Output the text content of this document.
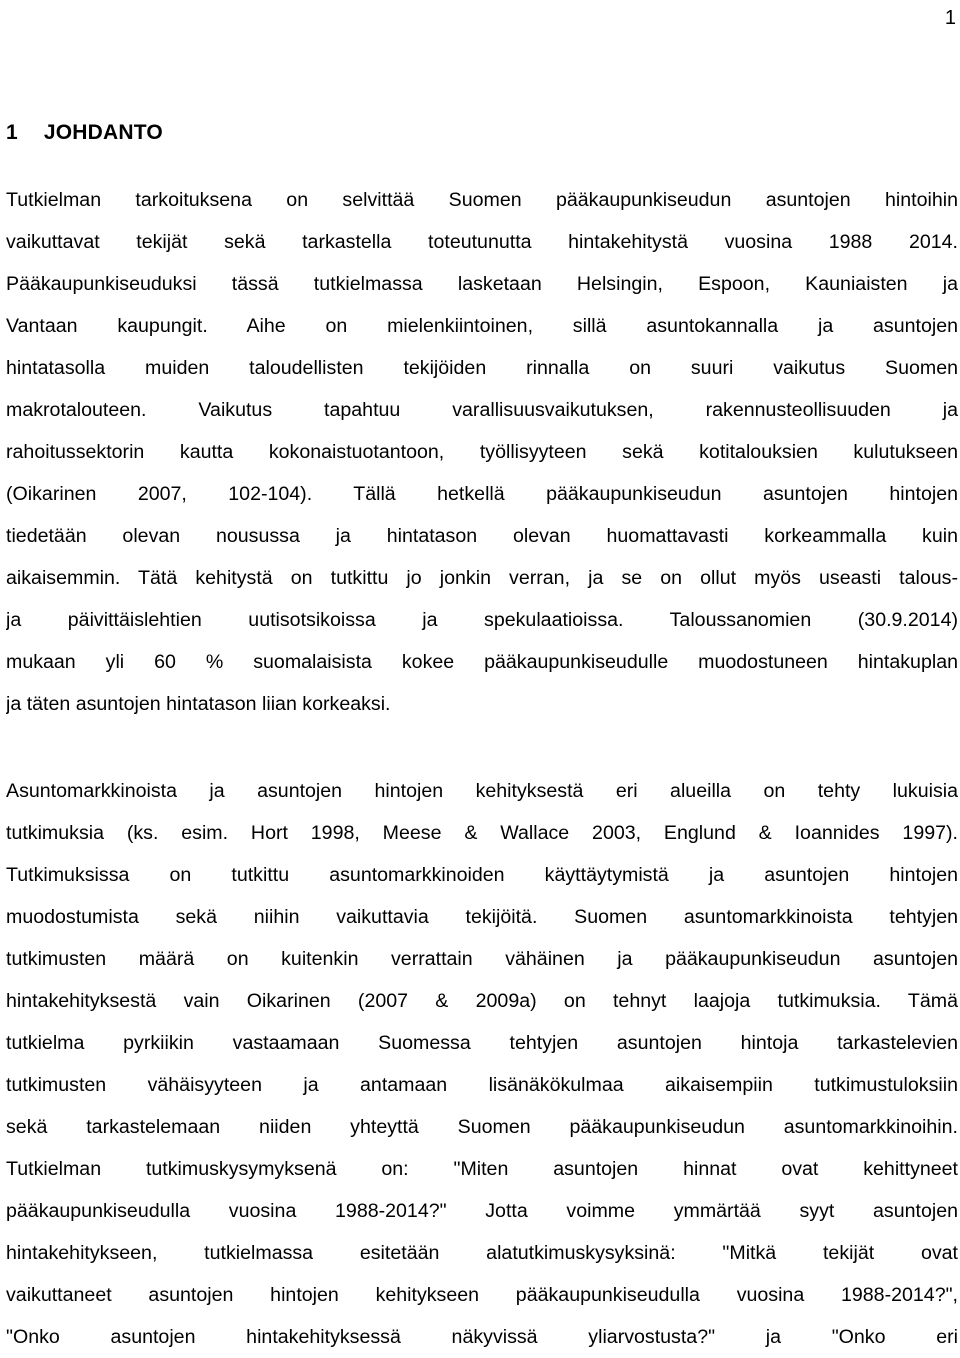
1
1 JOHDANTO
Tutkielman tarkoituksena on selvittää Suomen pääkaupunkiseudun asuntojen hintoihin
vaikuttavat tekijät sekä tarkastella toteutunutta hintakehitystä vuosina 1988 2014.
Pääkaupunkiseuduksi tässä tutkielmassa lasketaan Helsingin, Espoon, Kauniaisten ja
Vantaan kaupungit. Aihe on mielenkiintoinen, sillä asuntokannalla ja asuntojen
hintatasolla muiden taloudellisten tekijöiden rinnalla on suuri vaikutus Suomen
makrotalouteen. Vaikutus tapahtuu varallisuusvaikutuksen, rakennusteollisuuden ja
rahoitussektorin kautta kokonaistuotantoon, työllisyyteen sekä kotitalouksien kulutukseen
(Oikarinen 2007, 102-104). Tällä hetkellä pääkaupunkiseudun asuntojen hintojen
tiedetään olevan nousussa ja hintatason olevan huomattavasti korkeammalla kuin
aikaisemmin. Tätä kehitystä on tutkittu jo jonkin verran, ja se on ollut myös useasti talous-
ja päivittäislehtien uutisotsikoissa ja spekulaatioissa. Taloussanomien (30.9.2014)
mukaan yli 60 % suomalaisista kokee pääkaupunkiseudulle muodostuneen hintakuplan
ja täten asuntojen hintatason liian korkeaksi.
Asuntomarkkinoista ja asuntojen hintojen kehityksestä eri alueilla on tehty lukuisia
tutkimuksia (ks. esim. Hort 1998, Meese & Wallace 2003, Englund & Ioannides 1997).
Tutkimuksissa on tutkittu asuntomarkkinoiden käyttäytymistä ja asuntojen hintojen
muodostumista sekä niihin vaikuttavia tekijöitä. Suomen asuntomarkkinoista tehtyjen
tutkimusten määrä on kuitenkin verrattain vähäinen ja pääkaupunkiseudun asuntojen
hintakehityksestä vain Oikarinen (2007 & 2009a) on tehnyt laajoja tutkimuksia. Tämä
tutkielma pyrkiikin vastaamaan Suomessa tehtyjen asuntojen hintoja tarkastelevien
tutkimusten vähäisyyteen ja antamaan lisänäkökulmaa aikaisempiin tutkimustuloksiin
sekä tarkastelemaan niiden yhteyttä Suomen pääkaupunkiseudun asuntomarkkinoihin.
Tutkielman tutkimuskysymyksenä on: "Miten asuntojen hinnat ovat kehittyneet
pääkaupunkiseudulla vuosina 1988-2014?" Jotta voimme ymmärtää syyt asuntojen
hintakehitykseen, tutkielmassa esitetään alatutkimuskysyksinä: "Mitkä tekijät ovat
vaikuttaneet asuntojen hintojen kehitykseen pääkaupunkiseudulla vuosina 1988-2014?",
"Onko asuntojen hintakehityksessä näkyvissä yliarvostusta?" ja "Onko eri
